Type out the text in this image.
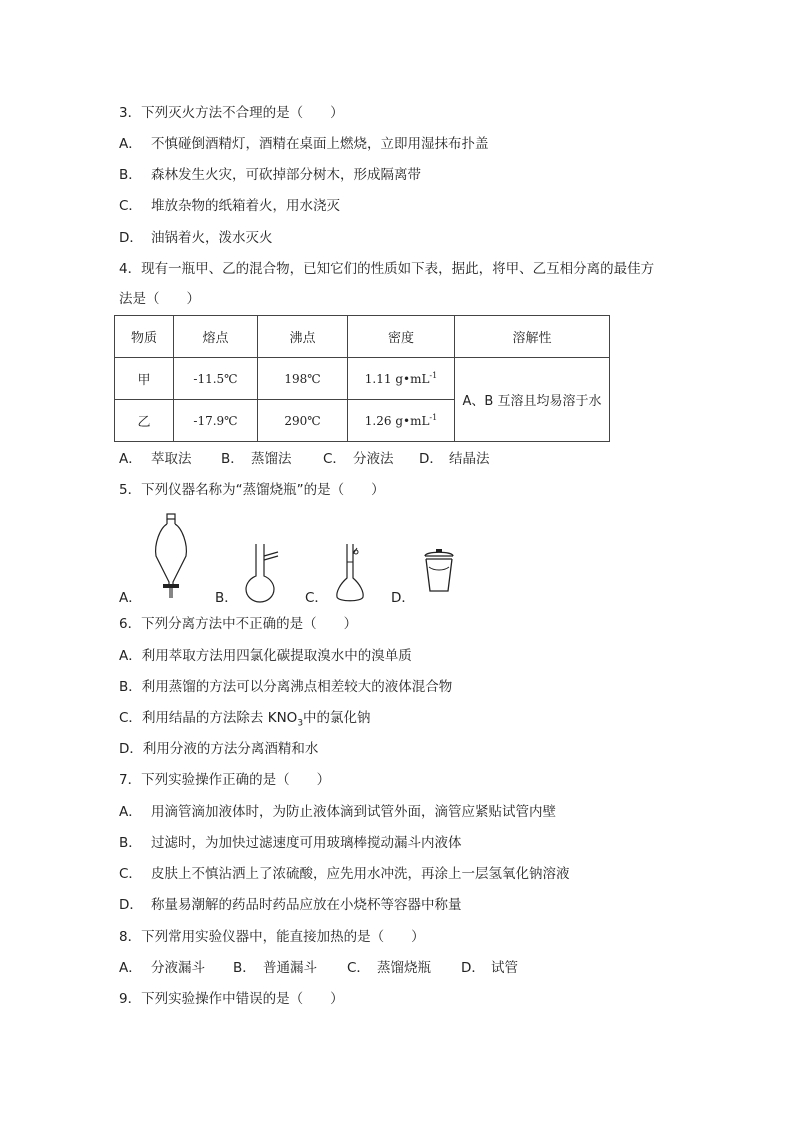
3．下列灭火方法不合理的是（　　）
A． 不慎碰倒酒精灯，酒精在桌面上燃烧，立即用湿抹布扑盖
B． 森林发生火灾，可砍掉部分树木，形成隔离带
C． 堆放杂物的纸箱着火，用水浇灭
D． 油锅着火，泼水灭火
4．现有一瓶甲、乙的混合物，已知它们的性质如下表，据此，将甲、乙互相分离的最佳方
法是（　　）
物质	熔点	沸点	密度	溶解性
甲	-11.5℃	198℃	1.11 $g•mL^{-1}$	A、B 互溶且均易溶于水
乙	-17.9℃	290℃	1.26 $g•mL^{-1}$
A． 萃取法 B． 蒸馏法 C． 分液法 D． 结晶法
5．下列仪器名称为“蒸馏烧瓶”的是（　　）
A．	B．	C．	D．
6．下列分离方法中不正确的是（　　）
A．利用萃取方法用四氯化碳提取溴水中的溴单质
B．利用蒸馏的方法可以分离沸点相差较大的液体混合物
C．利用结晶的方法除去 $KNO_3$中的氯化钠
D．利用分液的方法分离酒精和水
7．下列实验操作正确的是（　　）
A． 用滴管滴加液体时，为防止液体滴到试管外面，滴管应紧贴试管内壁
B． 过滤时，为加快过滤速度可用玻璃棒搅动漏斗内液体
C． 皮肤上不慎沾洒上了浓硫酸，应先用水冲洗，再涂上一层氢氧化钠溶液
D． 称量易潮解的药品时药品应放在小烧杯等容器中称量
8．下列常用实验仪器中，能直接加热的是（　　）
A． 分液漏斗 B． 普通漏斗 C． 蒸馏烧瓶 D． 试管
9．下列实验操作中错误的是（　　）
